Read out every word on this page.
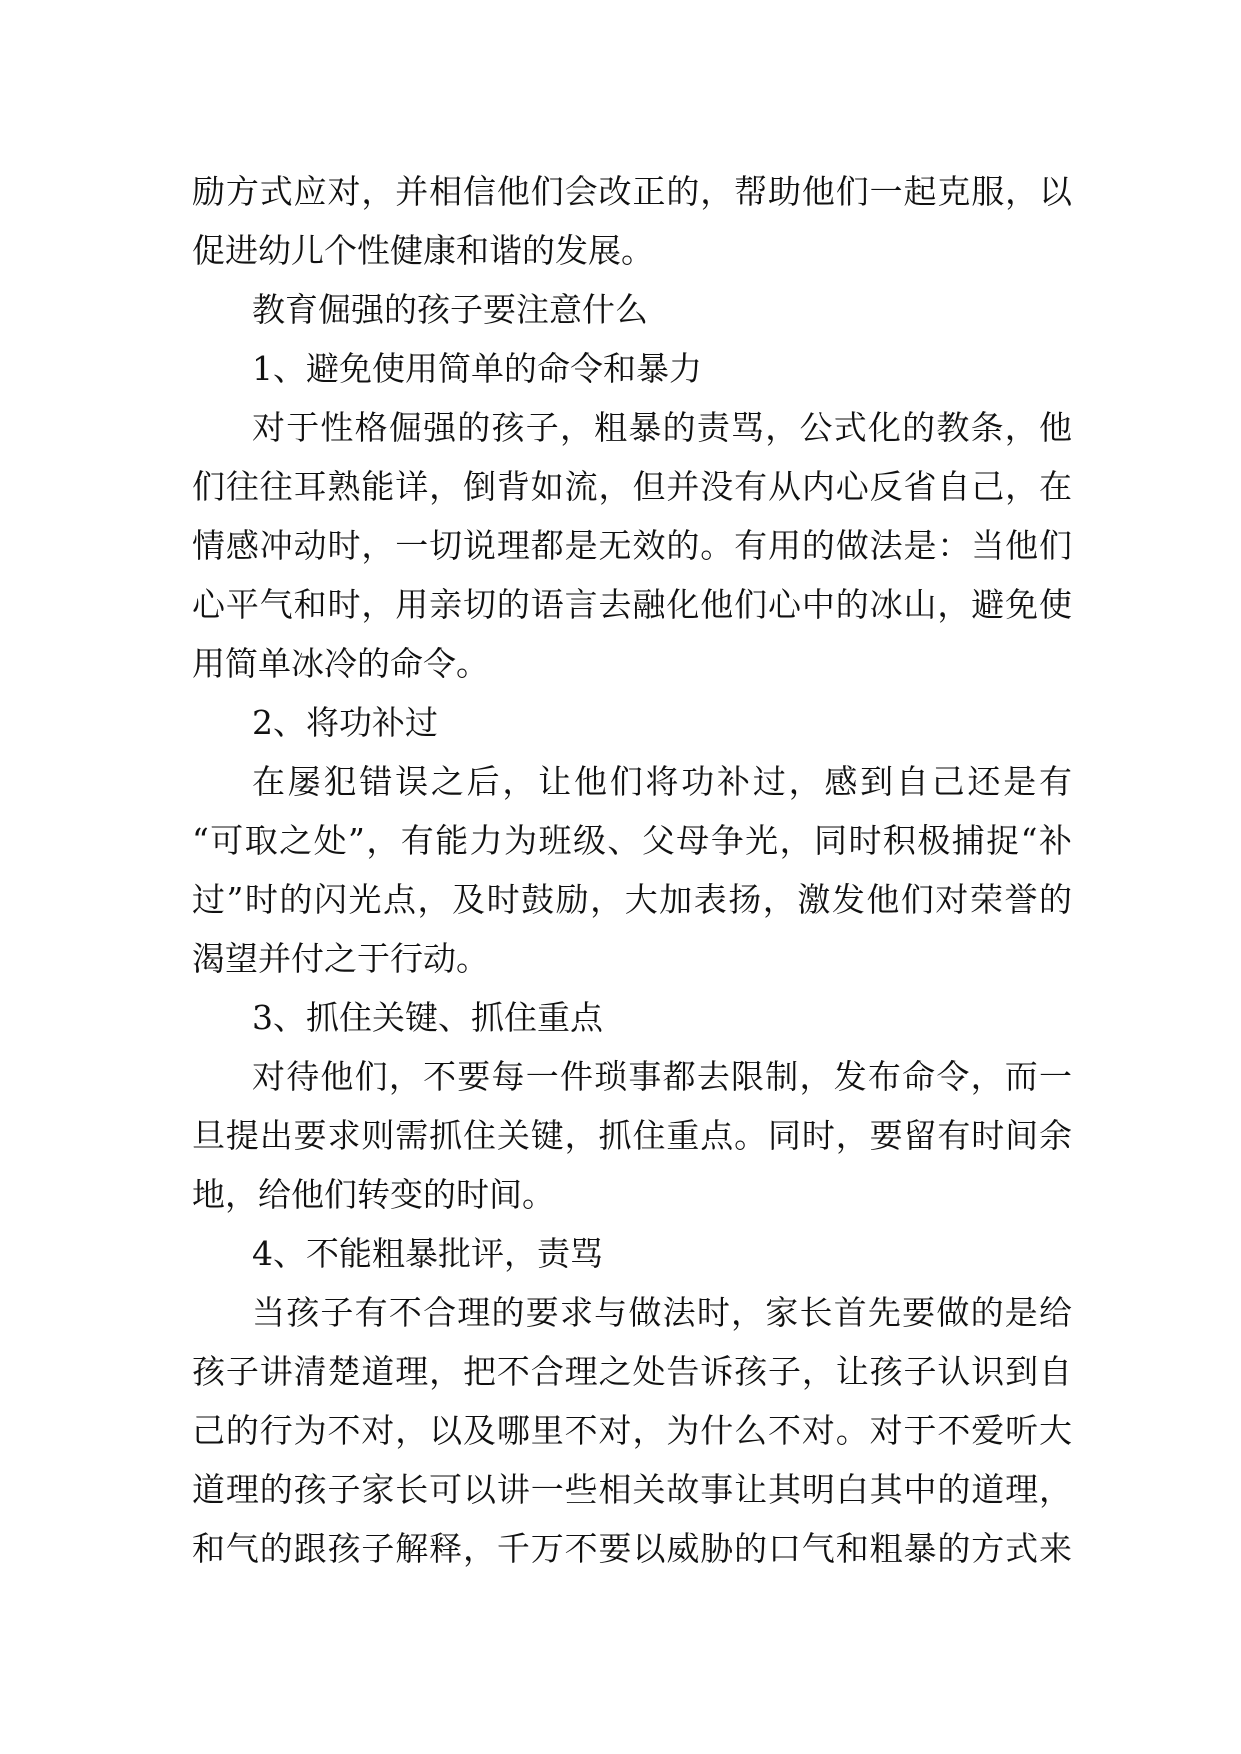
励方式应对，并相信他们会改正的，帮助他们一起克服，以
促进幼儿个性健康和谐的发展。
教育倔强的孩子要注意什么
1、避免使用简单的命令和暴力
对于性格倔强的孩子，粗暴的责骂，公式化的教条，他
们往往耳熟能详，倒背如流，但并没有从内心反省自己，在
情感冲动时，一切说理都是无效的。有用的做法是：当他们
心平气和时，用亲切的语言去融化他们心中的冰山，避免使
用简单冰冷的命令。
2、将功补过
在屡犯错误之后，让他们将功补过，感到自己还是有
“可取之处”，有能力为班级、父母争光，同时积极捕捉“补
过”时的闪光点，及时鼓励，大加表扬，激发他们对荣誉的
渴望并付之于行动。
3、抓住关键、抓住重点
对待他们，不要每一件琐事都去限制，发布命令，而一
旦提出要求则需抓住关键，抓住重点。同时，要留有时间余
地，给他们转变的时间。
4、不能粗暴批评，责骂
当孩子有不合理的要求与做法时，家长首先要做的是给
孩子讲清楚道理，把不合理之处告诉孩子，让孩子认识到自
己的行为不对，以及哪里不对，为什么不对。对于不爱听大
道理的孩子家长可以讲一些相关故事让其明白其中的道理，
和气的跟孩子解释，千万不要以威胁的口气和粗暴的方式来
